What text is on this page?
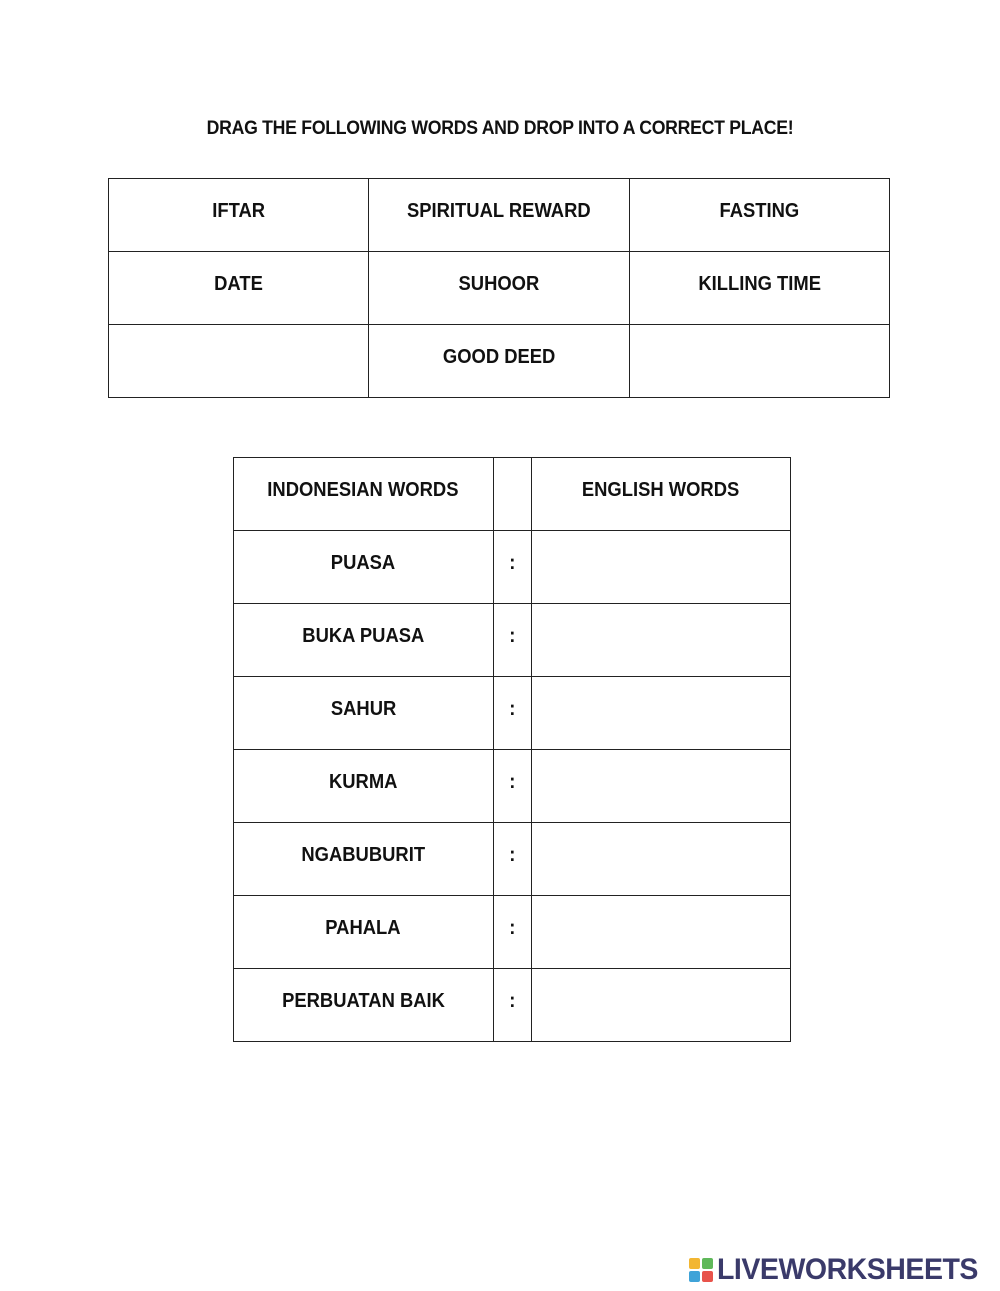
DRAG THE FOLLOWING WORDS AND DROP INTO A CORRECT PLACE!
IFTAR	SPIRITUAL REWARD	FASTING
DATE	SUHOOR	KILLING TIME
	GOOD DEED	
INDONESIAN WORDS		ENGLISH WORDS
PUASA	:	
BUKA PUASA	:	
SAHUR	:	
KURMA	:	
NGABUBURIT	:	
PAHALA	:	
PERBUATAN BAIK	:	
LIVEWORKSHEETS
